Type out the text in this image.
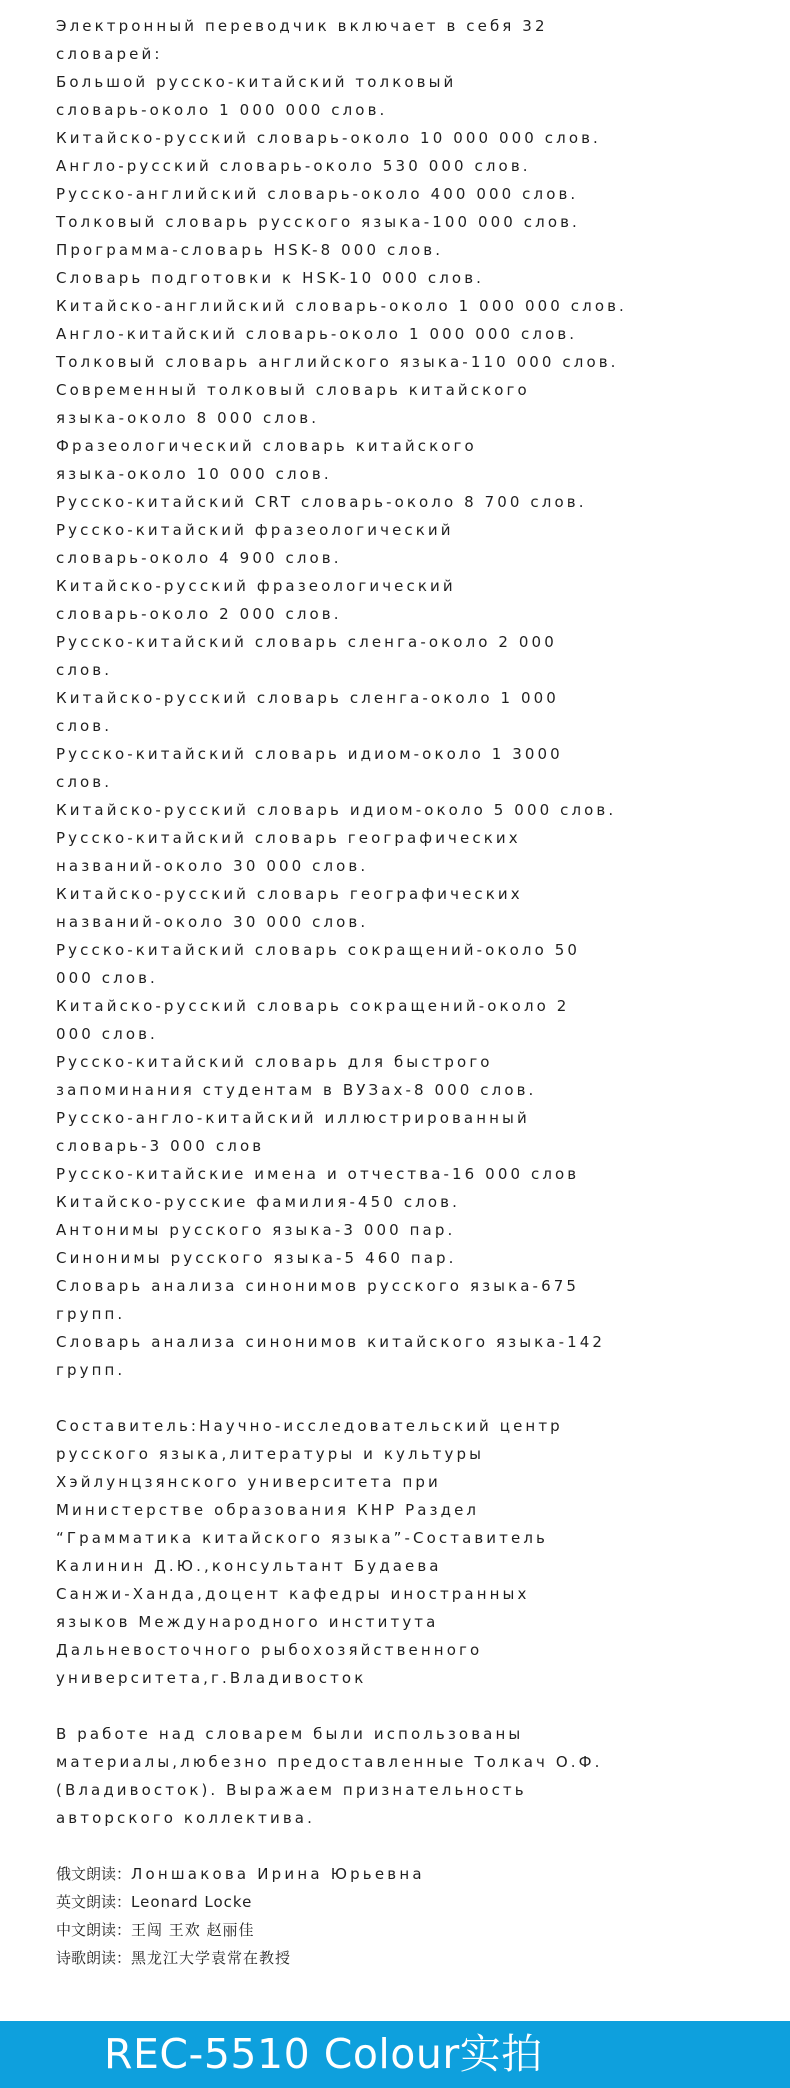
Электронный переводчик включает в себя 32
словарей:
Большой русско-китайский толковый
словарь-около 1 000 000 слов.
Китайско-русский словарь-около 10 000 000 слов.
Англо-русский словарь-около 530 000 слов.
Русско-английский словарь-около 400 000 слов.
Толковый словарь русского языка-100 000 слов.
Программа-словарь HSK-8 000 слов.
Словарь подготовки к HSK-10 000 слов.
Китайско-английский словарь-около 1 000 000 слов.
Англо-китайский словарь-около 1 000 000 слов.
Толковый словарь английского языка-110 000 слов.
Современный толковый словарь китайского
языка-около 8 000 слов.
Фразеологический словарь китайского
языка-около 10 000 слов.
Русско-китайский CRT словарь-около 8 700 слов.
Русско-китайский фразеологический
словарь-около 4 900 слов.
Китайско-русский фразеологический
словарь-около 2 000 слов.
Русско-китайский словарь сленга-около 2 000
слов.
Китайско-русский словарь сленга-около 1 000
слов.
Русско-китайский словарь идиом-около 1 3000
слов.
Китайско-русский словарь идиом-около 5 000 слов.
Русско-китайский словарь географических
названий-около 30 000 слов.
Китайско-русский словарь географических
названий-около 30 000 слов.
Русско-китайский словарь сокращений-около 50
000 слов.
Китайско-русский словарь сокращений-около 2
000 слов.
Русско-китайский словарь для быстрого
запоминания студентам в ВУЗах-8 000 слов.
Русско-англо-китайский иллюстрированный
словарь-3 000 слов
Русско-китайские имена и отчества-16 000 слов
Китайско-русские фамилия-450 слов.
Антонимы русского языка-3 000 пар.
Синонимы русского языка-5 460 пар.
Словарь анализа синонимов русского языка-675
групп.
Словарь анализа синонимов китайского языка-142
групп.
Составитель:Научно-исследовательский центр
русского языка,литературы и культуры
Хэйлунцзянского университета при
Министерстве образования КНР Раздел
“Грамматика китайского языка”-Составитель
Калинин Д.Ю.,консультант Будаева
Санжи-Ханда,доцент кафедры иностранных
языков Международного института
Дальневосточного рыбохозяйственного
университета,г.Владивосток
В работе над словарем были использованы
материалы,любезно предоставленные Толкач О.Ф.
(Владивосток). Выражаем признательность
авторского коллектива.
俄文朗读：Лоншакова Ирина Юрьевна
英文朗读：Leonard Locke
中文朗读：王闯 王欢 赵丽佳
诗歌朗读：黑龙江大学袁常在教授
REC-5510 Colour实拍
